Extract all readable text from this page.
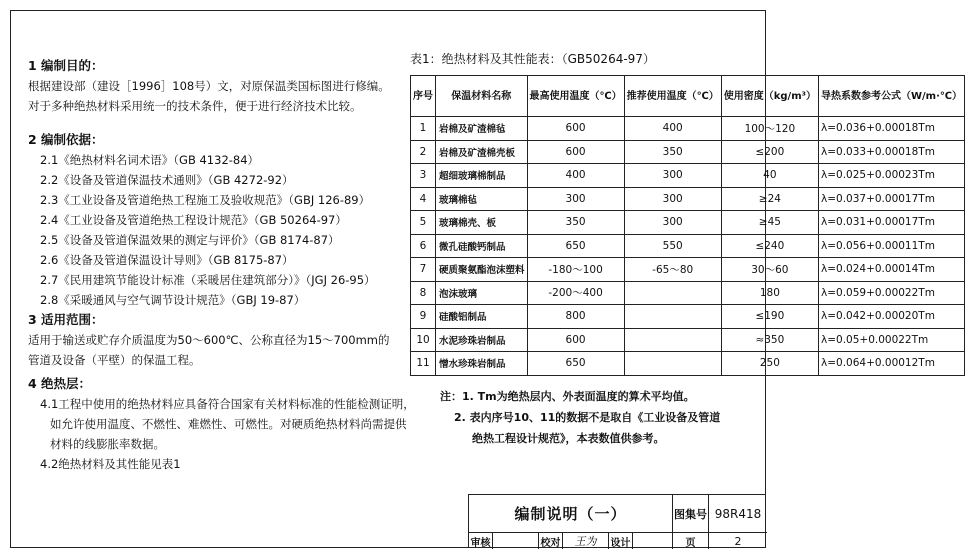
1 编制目的：

根据建设部（建设［1996］108号）文，对原保温类国标图进行修编。

对于多种绝热材料采用统一的技术条件，便于进行经济技术比较。

2 编制依据：

2.1《绝热材料名词术语》（GB 4132-84）

2.2《设备及管道保温技术通则》（GB 4272-92）

2.3《工业设备及管道绝热工程施工及验收规范》（GBJ 126-89）

2.4《工业设备及管道绝热工程设计规范》（GB 50264-97）

2.5《设备及管道保温效果的测定与评价》（GB 8174-87）

2.6《设备及管道保温设计导则》（GB 8175-87）

2.7《民用建筑节能设计标准（采暖居住建筑部分）》（JGJ 26-95）

2.8《采暖通风与空气调节设计规范》（GBJ 19-87）

3 适用范围：

适用于输送或贮存介质温度为50～600℃、公称直径为15～700mm的

管道及设备（平壁）的保温工程。

4 绝热层：

4.1工程中使用的绝热材料应具备符合国家有关材料标准的性能检测证明，

如允许使用温度、不燃性、难燃性、可燃性。对硬质绝热材料尚需提供

材料的线膨胀率数据。

4.2绝热材料及其性能见表1

表1：绝热材料及其性能表：（GB50264-97）
序号	保温材料名称	最高使用温度（℃）	推荐使用温度（℃）	使用密度（kg/m³）	导热系数参考公式（W/m·℃）
1	岩棉及矿渣棉毡	600	400	100～120	λ=0.036+0.00018Tm
2	岩棉及矿渣棉壳板	600	350	≤200	λ=0.033+0.00018Tm
3	超细玻璃棉制品	400	300	40	λ=0.025+0.00023Tm
4	玻璃棉毡	300	300	≥24	λ=0.037+0.00017Tm
5	玻璃棉壳、板	350	300	≥45	λ=0.031+0.00017Tm
6	微孔硅酸钙制品	650	550	≤240	λ=0.056+0.00011Tm
7	硬质聚氨酯泡沫塑料	-180～100	-65～80	30～60	λ=0.024+0.00014Tm
8	泡沫玻璃	-200～400		180	λ=0.059+0.00022Tm
9	硅酸铝制品	800		≤190	λ=0.042+0.00020Tm
10	水泥珍珠岩制品	600		≈350	λ=0.05+0.00022Tm
11	憎水珍珠岩制品	650		250	λ=0.064+0.00012Tm
注：1. Tm为绝热层内、外表面温度的算术平均值。
2. 表内序号10、11的数据不是取自《工业设备及管道
绝热工程设计规范》，本表数值供参考。
编制说明（一）	图集号 98R418
审核	校对	王为	设计	页	2
